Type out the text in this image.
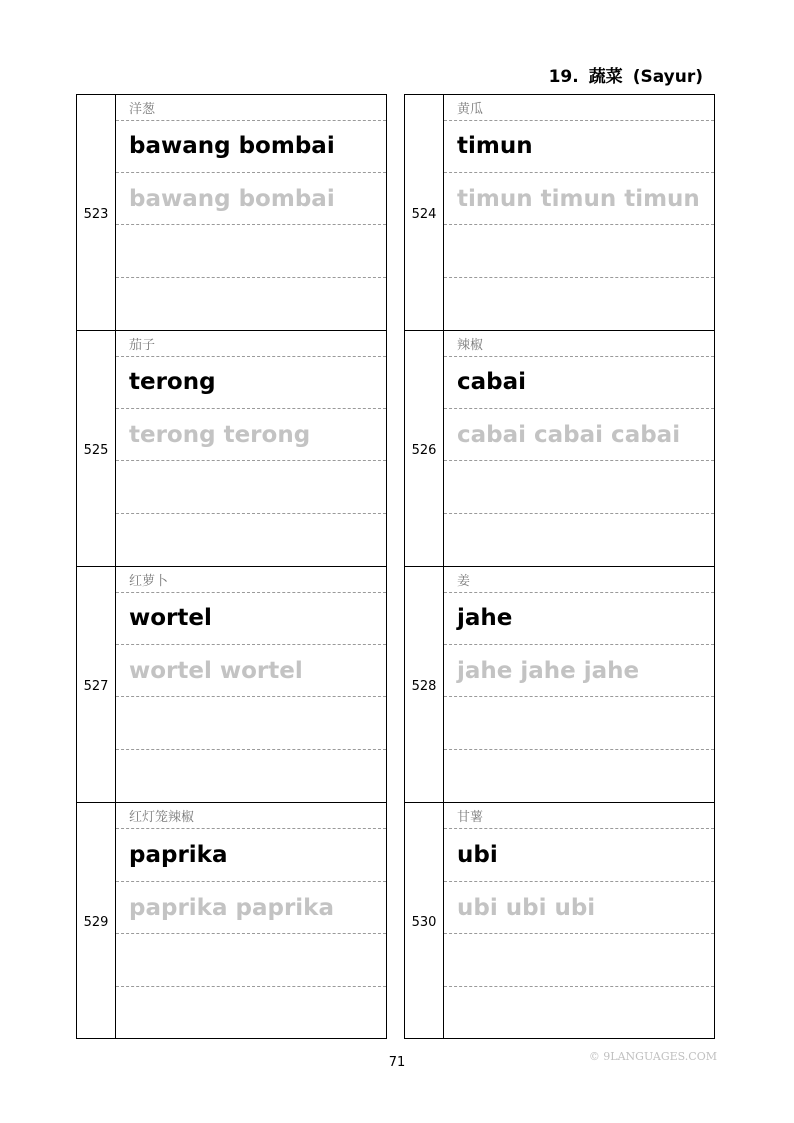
19. 蔬菜 (Sayur)
523
洋葱
bawang bombai
bawang bombai
525
茄子
terong
terong terong
527
红萝卜
wortel
wortel wortel
529
红灯笼辣椒
paprika
paprika paprika
524
黄瓜
timun
timun timun timun
526
辣椒
cabai
cabai cabai cabai
528
姜
jahe
jahe jahe jahe
530
甘薯
ubi
ubi ubi ubi
71	© 9LANGUAGES.COM
